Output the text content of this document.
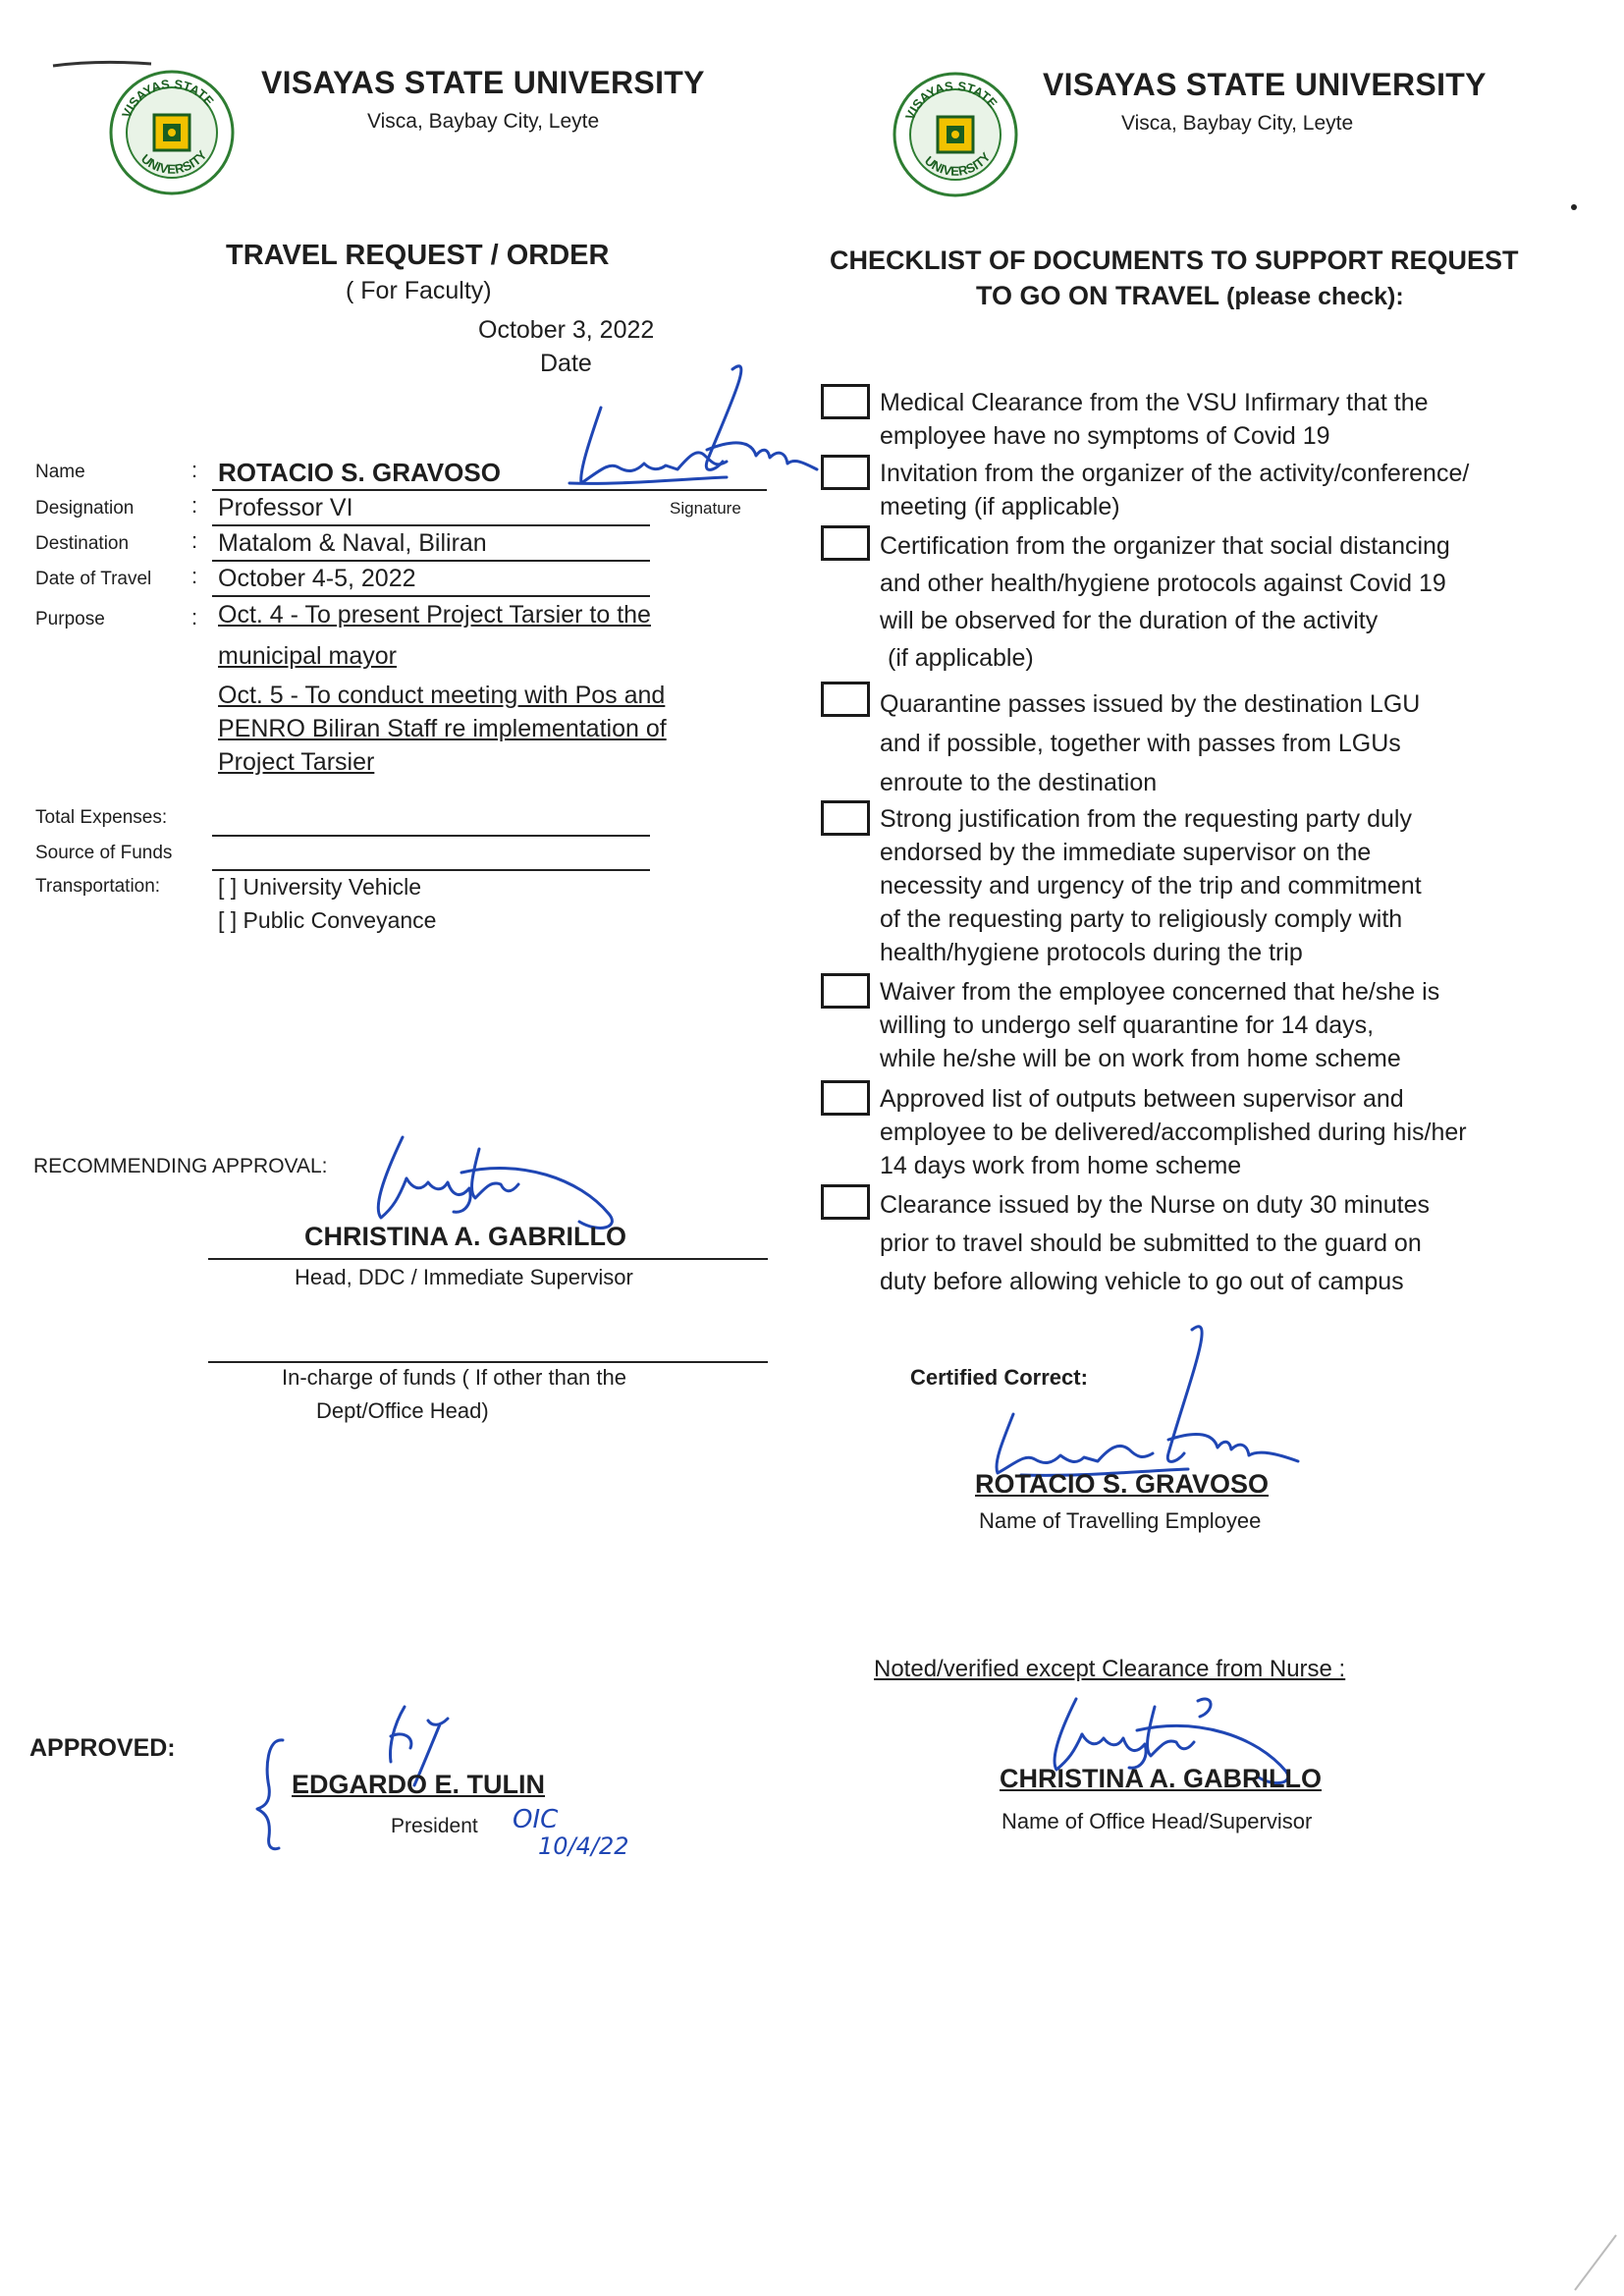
VISAYAS STATE
UNIVERSITY
VISAYAS STATE UNIVERSITY
Visca, Baybay City, Leyte	VISAYAS STATE
UNIVERSITY
VISAYAS STATE UNIVERSITY
Visca, Baybay City, Leyte
TRAVEL REQUEST / ORDER
( For Faculty)
October 3, 2022
Date
Name	: ROTACIO S. GRAVOSO
Signature
Designation	: Professor VI
Destination	: Matalom & Naval, Biliran
Date of Travel : October 4-5, 2022
Purpose	: Oct. 4 - To present Project Tarsier to the
municipal mayor
Oct. 5 - To conduct meeting with Pos and
PENRO Biliran Staff re implementation of
Project Tarsier
Total Expenses:
Source of Funds
Transportation:	[ ] University Vehicle
[ ] Public Conveyance
RECOMMENDING APPROVAL:
CHRISTINA A. GABRILLO
Head, DDC / Immediate Supervisor
In-charge of funds ( If other than the
Dept/Office Head)
APPROVED:
EDGARDO E. TULIN
President OIC
10/4/22
CHECKLIST OF DOCUMENTS TO SUPPORT REQUEST
TO GO ON TRAVEL (please check):

Medical Clearance from the VSU Infirmary that the

employee have no symptoms of Covid 19

Invitation from the organizer of the activity/conference/

meeting (if applicable)

Certification from the organizer that social distancing

and other health/hygiene protocols against Covid 19

will be observed for the duration of the activity

(if applicable)

Quarantine passes issued by the destination LGU

and if possible, together with passes from LGUs

enroute to the destination

Strong justification from the requesting party duly

endorsed by the immediate supervisor on the

necessity and urgency of the trip and commitment

of the requesting party to religiously comply with

health/hygiene protocols during the trip

Waiver from the employee concerned that he/she is

willing to undergo self quarantine for 14 days,

while he/she will be on work from home scheme

Approved list of outputs between supervisor and

employee to be delivered/accomplished during his/her

14 days work from home scheme

Clearance issued by the Nurse on duty 30 minutes

prior to travel should be submitted to the guard on

duty before allowing vehicle to go out of campus

Certified Correct:
ROTACIO S. GRAVOSO
Name of Travelling Employee
Noted/verified except Clearance from Nurse :
CHRISTINA A. GABRILLO
Name of Office Head/Supervisor
